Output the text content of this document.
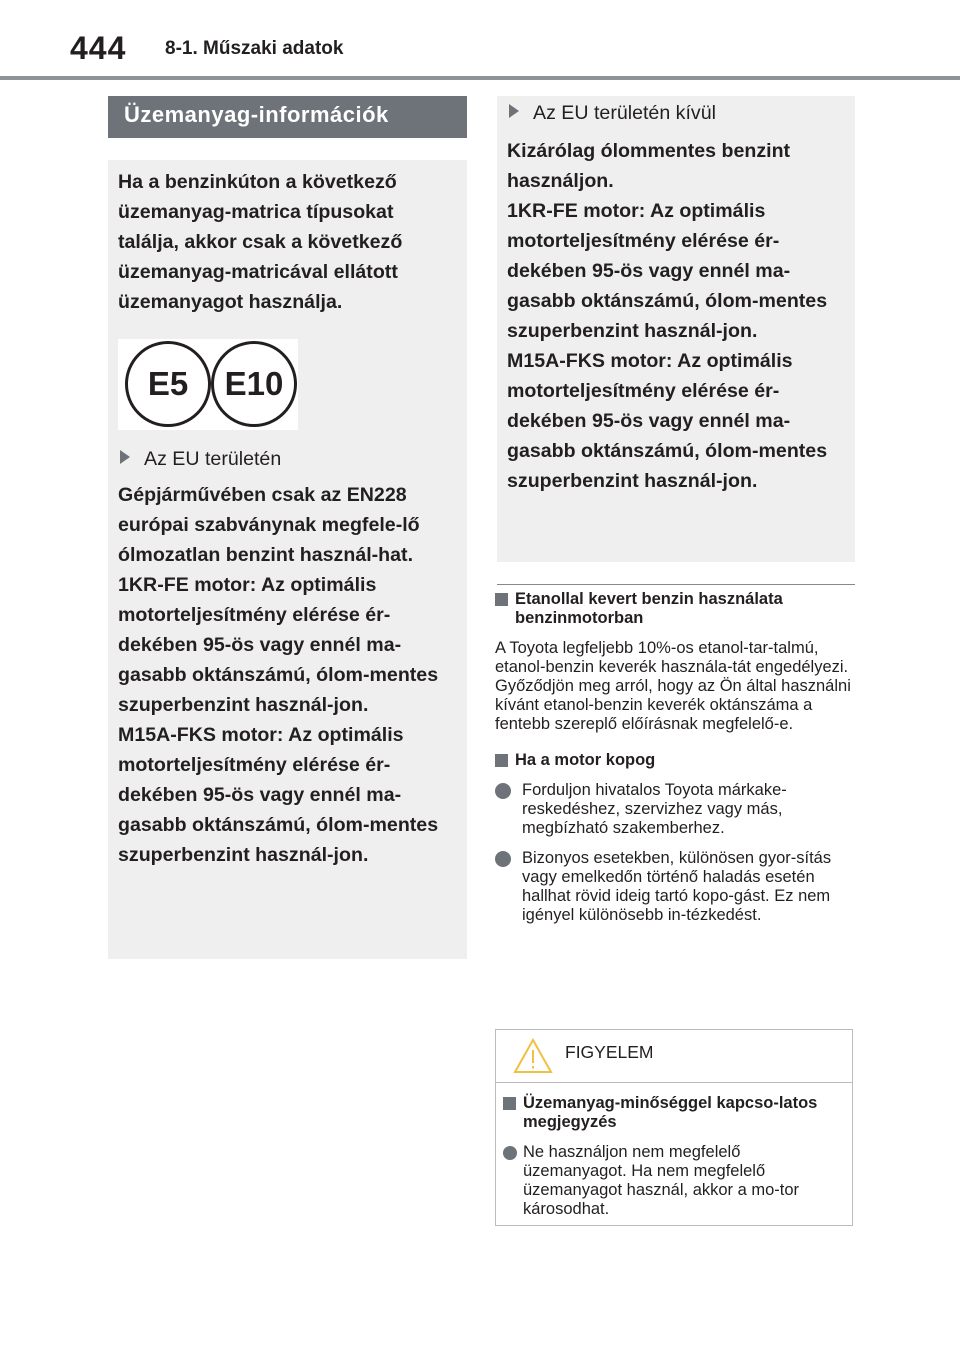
444 8-1. Műszaki adatok
Üzemanyag-információk

Ha a benzinkúton a következő üzemanyag-matrica típusokat találja, akkor csak a következő üzemanyag-matricával ellátott üzemanyagot használja.

E5	E10
Az EU területén

Gépjárművében csak az EN228 európai szabványnak megfele-lő ólmozatlan benzint használ-hat.

1KR-FE motor: Az optimális motorteljesítmény elérése ér-dekében 95-ös vagy ennél ma-gasabb oktánszámú, ólom-mentes szuperbenzint használ-jon.

M15A-FKS motor: Az optimális motorteljesítmény elérése ér-dekében 95-ös vagy ennél ma-gasabb oktánszámú, ólom-mentes szuperbenzint használ-jon.

Az EU területén kívül

Kizárólag ólommentes benzint használjon.

1KR-FE motor: Az optimális motorteljesítmény elérése ér-dekében 95-ös vagy ennél ma-gasabb oktánszámú, ólom-mentes szuperbenzint használ-jon.

M15A-FKS motor: Az optimális motorteljesítmény elérése ér-dekében 95-ös vagy ennél ma-gasabb oktánszámú, ólom-mentes szuperbenzint használ-jon.

Etanollal kevert benzin használata benzinmotorban

A Toyota legfeljebb 10%-os etanol-tar-talmú, etanol-benzin keverék használa-tát engedélyezi. Győződjön meg arról, hogy az Ön által használni kívánt etanol-benzin keverék oktánszáma a fentebb szereplő előírásnak megfelelő-e.

Ha a motor kopog
Forduljon hivatalos Toyota márkake-reskedéshez, szervizhez vagy más, megbízható szakemberhez.
Bizonyos esetekben, különösen gyor-sítás vagy emelkedőn történő haladás esetén hallhat rövid ideig tartó kopo-gást. Ez nem igényel különösebb in-tézkedést.
FIGYELEM
Üzemanyag-minőséggel kapcso-latos megjegyzés
Ne használjon nem megfelelő üzemanyagot. Ha nem megfelelő üzemanyagot használ, akkor a mo-tor károsodhat.
